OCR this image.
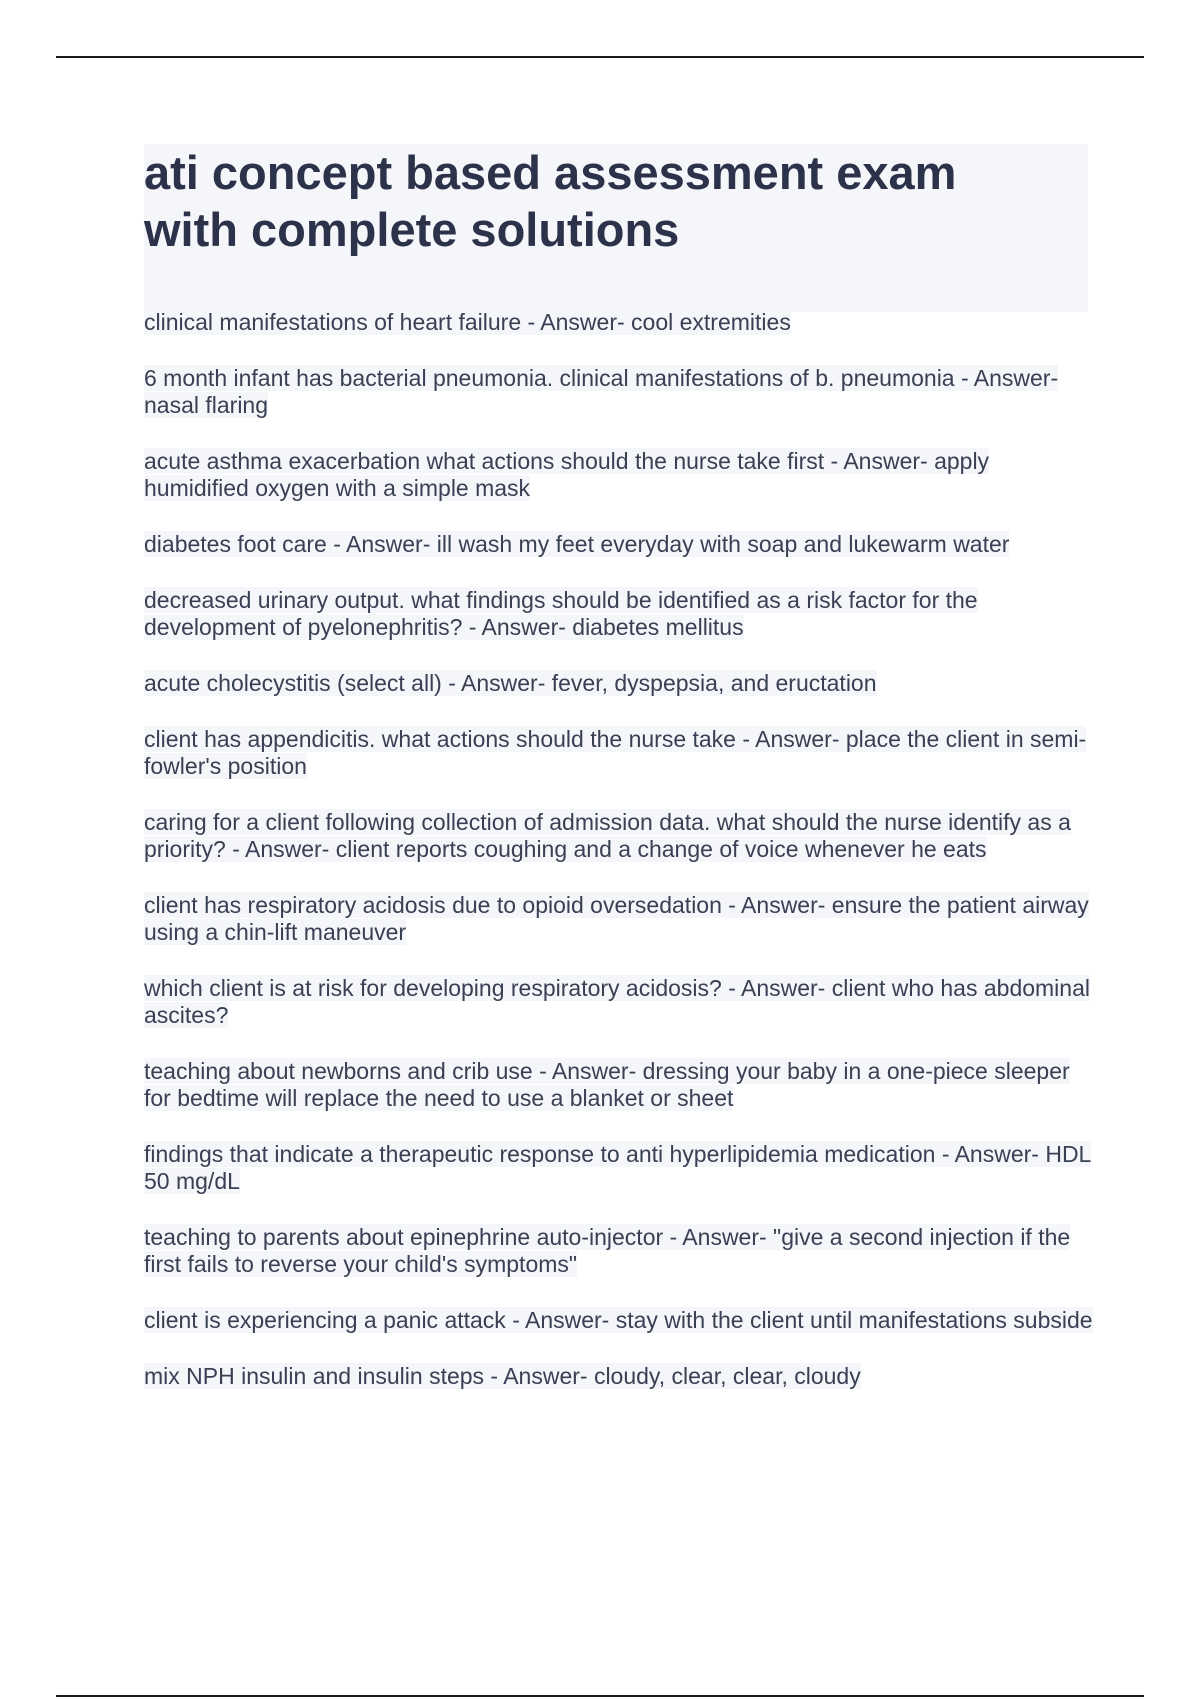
ati concept based assessment exam
with complete solutions

clinical manifestations of heart failure - Answer- cool extremities

6 month infant has bacterial pneumonia. clinical manifestations of b. pneumonia - Answer- nasal flaring

acute asthma exacerbation what actions should the nurse take first - Answer- apply humidified oxygen with a simple mask

diabetes foot care - Answer- ill wash my feet everyday with soap and lukewarm water

decreased urinary output. what findings should be identified as a risk factor for the development of pyelonephritis? - Answer- diabetes mellitus

acute cholecystitis (select all) - Answer- fever, dyspepsia, and eructation

client has appendicitis. what actions should the nurse take - Answer- place the client in semi-fowler's position

caring for a client following collection of admission data. what should the nurse identify as a priority? - Answer- client reports coughing and a change of voice whenever he eats

client has respiratory acidosis due to opioid oversedation - Answer- ensure the patient airway using a chin-lift maneuver

which client is at risk for developing respiratory acidosis? - Answer- client who has abdominal ascites?

teaching about newborns and crib use - Answer- dressing your baby in a one-piece sleeper for bedtime will replace the need to use a blanket or sheet

findings that indicate a therapeutic response to anti hyperlipidemia medication - Answer- HDL 50 mg/dL

teaching to parents about epinephrine auto-injector - Answer- "give a second injection if the first fails to reverse your child's symptoms"

client is experiencing a panic attack - Answer- stay with the client until manifestations subside

mix NPH insulin and insulin steps - Answer- cloudy, clear, clear, cloudy
